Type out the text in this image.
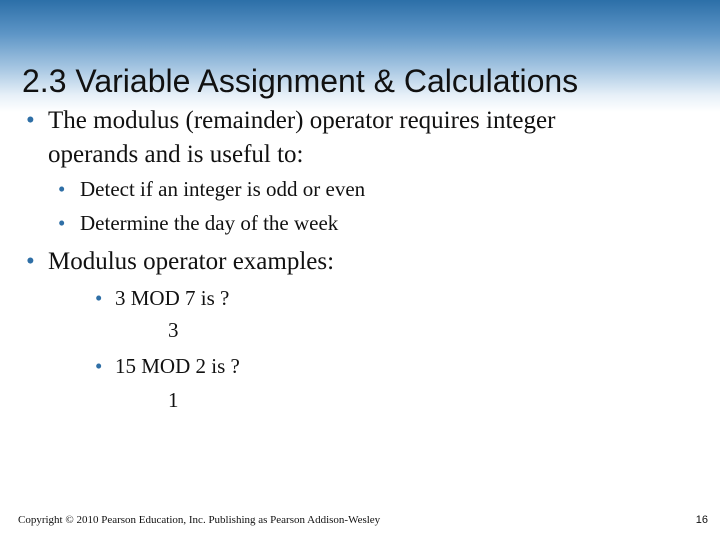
2.3 Variable Assignment & Calculations
• The modulus (remainder) operator requires integer
operands and is useful to:
• Detect if an integer is odd or even
• Determine the day of the week
• Modulus operator examples:
• 3 MOD 7 is ?
3
• 15 MOD 2 is ?
1
Copyright © 2010 Pearson Education, Inc. Publishing as Pearson Addison-Wesley	16
